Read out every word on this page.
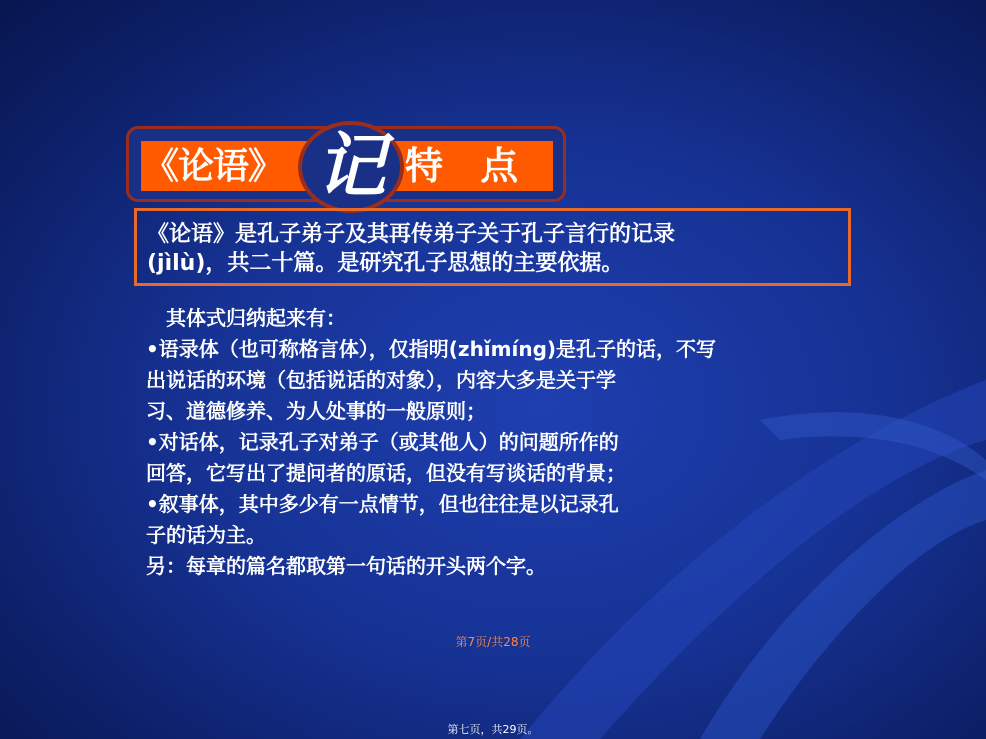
《论语》 记 特 点
《论语》是孔子弟子及其再传弟子关于孔子言行的记录
(jìlù)，共二十篇。是研究孔子思想的主要依据。
其体式归纳起来有：
•语录体（也可称格言体），仅指明(zhǐmíng)是孔子的话，不写
出说话的环境（包括说话的对象），内容大多是关于学
习、道德修养、为人处事的一般原则；
•对话体，记录孔子对弟子（或其他人）的问题所作的
回答，它写出了提问者的原话，但没有写谈话的背景；
•叙事体，其中多少有一点情节，但也往往是以记录孔
子的话为主。
另：每章的篇名都取第一句话的开头两个字。
第7页/共28页
第七页，共29页。
